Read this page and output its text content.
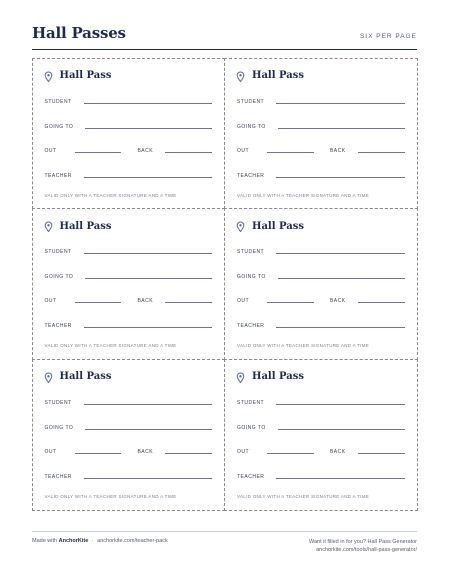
Hall Passes	SIX PER PAGE
Hall Pass
STUDENT
GOING TO
OUT	BACK
TEACHER
VALID ONLY WITH A TEACHER SIGNATURE AND A TIME
Hall Pass
STUDENT
GOING TO
OUT	BACK
TEACHER
VALID ONLY WITH A TEACHER SIGNATURE AND A TIME
Hall Pass
STUDENT
GOING TO
OUT	BACK
TEACHER
VALID ONLY WITH A TEACHER SIGNATURE AND A TIME
Hall Pass
STUDENT
GOING TO
OUT	BACK
TEACHER
VALID ONLY WITH A TEACHER SIGNATURE AND A TIME
Hall Pass
STUDENT
GOING TO
OUT	BACK
TEACHER
VALID ONLY WITH A TEACHER SIGNATURE AND A TIME
Hall Pass
STUDENT
GOING TO
OUT	BACK
TEACHER
VALID ONLY WITH A TEACHER SIGNATURE AND A TIME
Made with AnchorKite · anchorkite.com/teacher-pack	Want it filled in for you? Hall Pass Generator
anchorkite.com/tools/hall-pass-generator/
